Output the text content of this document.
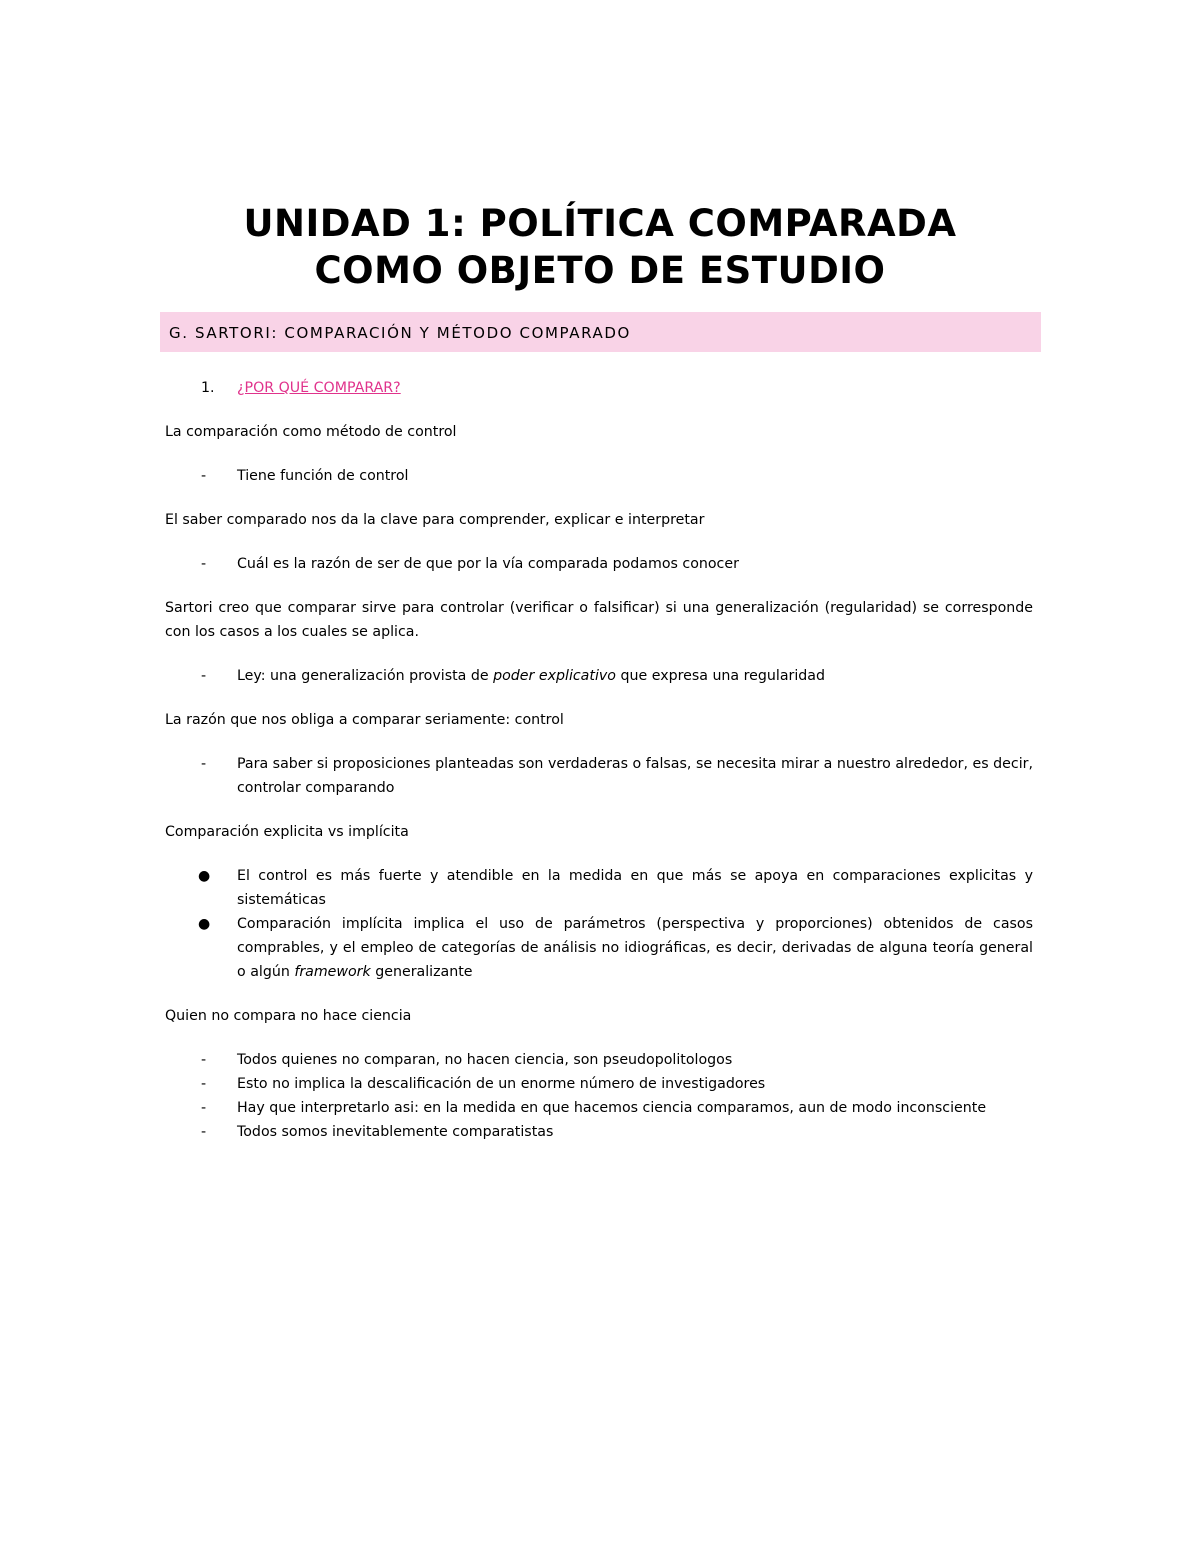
UNIDAD 1: POLÍTICA COMPARADA
COMO OBJETO DE ESTUDIO
G. SARTORI: COMPARACIÓN Y MÉTODO COMPARADO
1. ¿POR QUÉ COMPARAR?

La comparación como método de control

- Tiene función de control

El saber comparado nos da la clave para comprender, explicar e interpretar

- Cuál es la razón de ser de que por la vía comparada podamos conocer

Sartori creo que comparar sirve para controlar (verificar o falsificar) si una generalización (regularidad) se corresponde con los casos a los cuales se aplica.

- Ley: una generalización provista de poder explicativo que expresa una regularidad

La razón que nos obliga a comparar seriamente: control

- Para saber si proposiciones planteadas son verdaderas o falsas, se necesita mirar a nuestro alrededor, es decir, controlar comparando

Comparación explicita vs implícita

● El control es más fuerte y atendible en la medida en que más se apoya en comparaciones explicitas y sistemáticas
● Comparación implícita implica el uso de parámetros (perspectiva y proporciones) obtenidos de casos comprables, y el empleo de categorías de análisis no idiográficas, es decir, derivadas de alguna teoría general o algún framework generalizante

Quien no compara no hace ciencia

- Todos quienes no comparan, no hacen ciencia, son pseudopolitologos
- Esto no implica la descalificación de un enorme número de investigadores
- Hay que interpretarlo asi: en la medida en que hacemos ciencia comparamos, aun de modo inconsciente
- Todos somos inevitablemente comparatistas
